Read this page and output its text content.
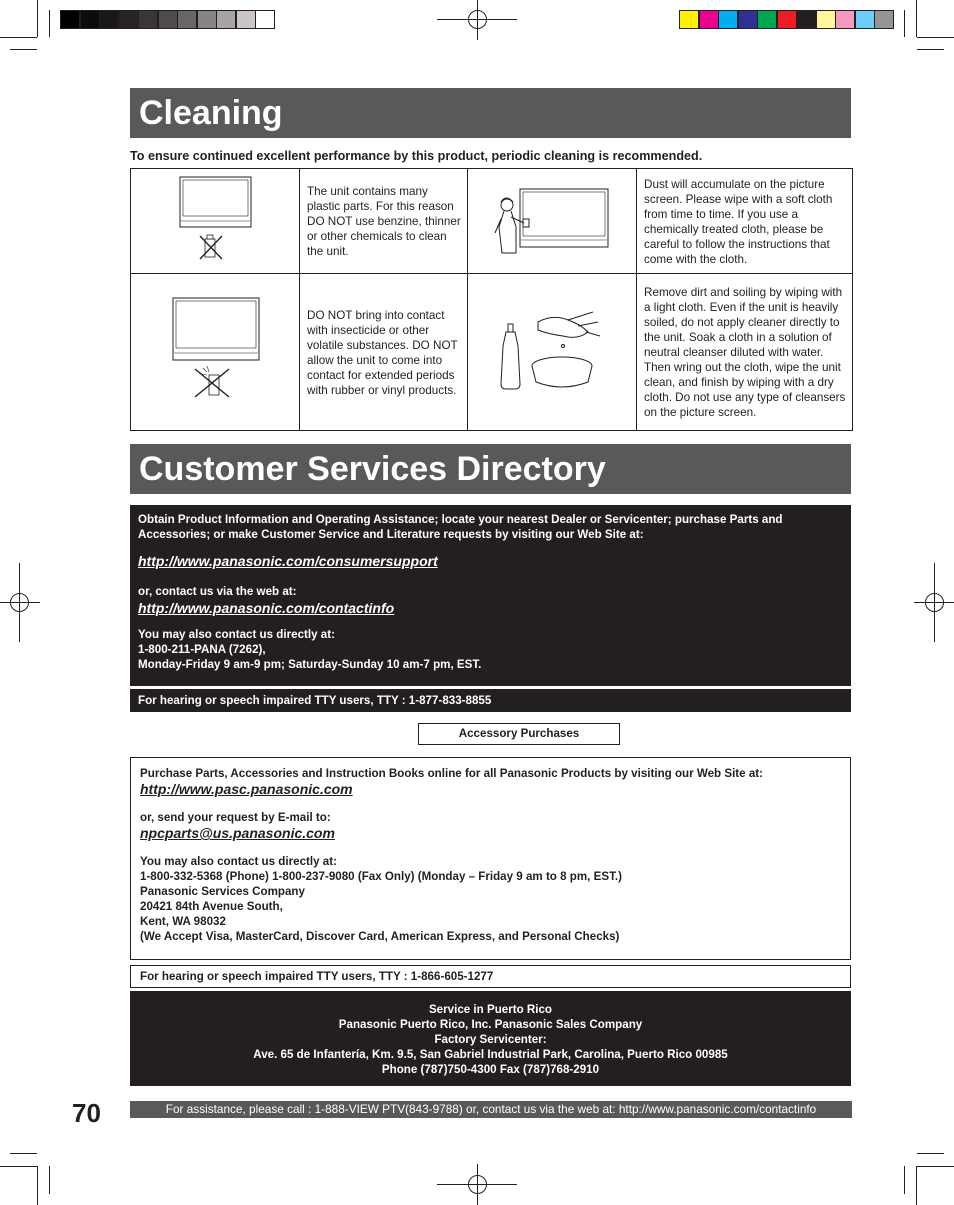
Cleaning
To ensure continued excellent performance by this product, periodic cleaning is recommended.
	The unit contains many plastic parts. For this reason DO NOT use benzine, thinner or other chemicals to clean the unit.		Dust will accumulate on the picture screen. Please wipe with a soft cloth from time to time. If you use a chemically treated cloth, please be careful to follow the instructions that come with the cloth.
	DO NOT bring into contact with insecticide or other volatile substances. DO NOT allow the unit to come into contact for extended periods with rubber or vinyl products.		Remove dirt and soiling by wiping with a light cloth. Even if the unit is heavily soiled, do not apply cleaner directly to the unit. Soak a cloth in a solution of neutral cleanser diluted with water. Then wring out the cloth, wipe the unit clean, and finish by wiping with a dry cloth. Do not use any type of cleansers on the picture screen.
Customer Services Directory

Obtain Product Information and Operating Assistance; locate your nearest Dealer or Servicenter; purchase Parts and

Accessories; or make Customer Service and Literature requests by visiting our Web Site at:

http://www.panasonic.com/consumersupport

or, contact us via the web at:

http://www.panasonic.com/contactinfo

You may also contact us directly at:

1-800-211-PANA (7262),

Monday-Friday 9 am-9 pm; Saturday-Sunday 10 am-7 pm, EST.

For hearing or speech impaired TTY users, TTY : 1-877-833-8855
Accessory Purchases

Purchase Parts, Accessories and Instruction Books online for all Panasonic Products by visiting our Web Site at:

http://www.pasc.panasonic.com

or, send your request by E-mail to:

npcparts@us.panasonic.com

You may also contact us directly at:

1-800-332-5368 (Phone) 1-800-237-9080 (Fax Only) (Monday – Friday 9 am to 8 pm, EST.)

Panasonic Services Company

20421 84th Avenue South,

Kent, WA 98032

(We Accept Visa, MasterCard, Discover Card, American Express, and Personal Checks)

For hearing or speech impaired TTY users, TTY : 1-866-605-1277

Service in Puerto Rico

Panasonic Puerto Rico, Inc. Panasonic Sales Company

Factory Servicenter:

Ave. 65 de Infantería, Km. 9.5, San Gabriel Industrial Park, Carolina, Puerto Rico 00985

Phone (787)750-4300 Fax (787)768-2910

70	For assistance, please call : 1-888-VIEW PTV(843-9788) or, contact us via the web at: http://www.panasonic.com/contactinfo
